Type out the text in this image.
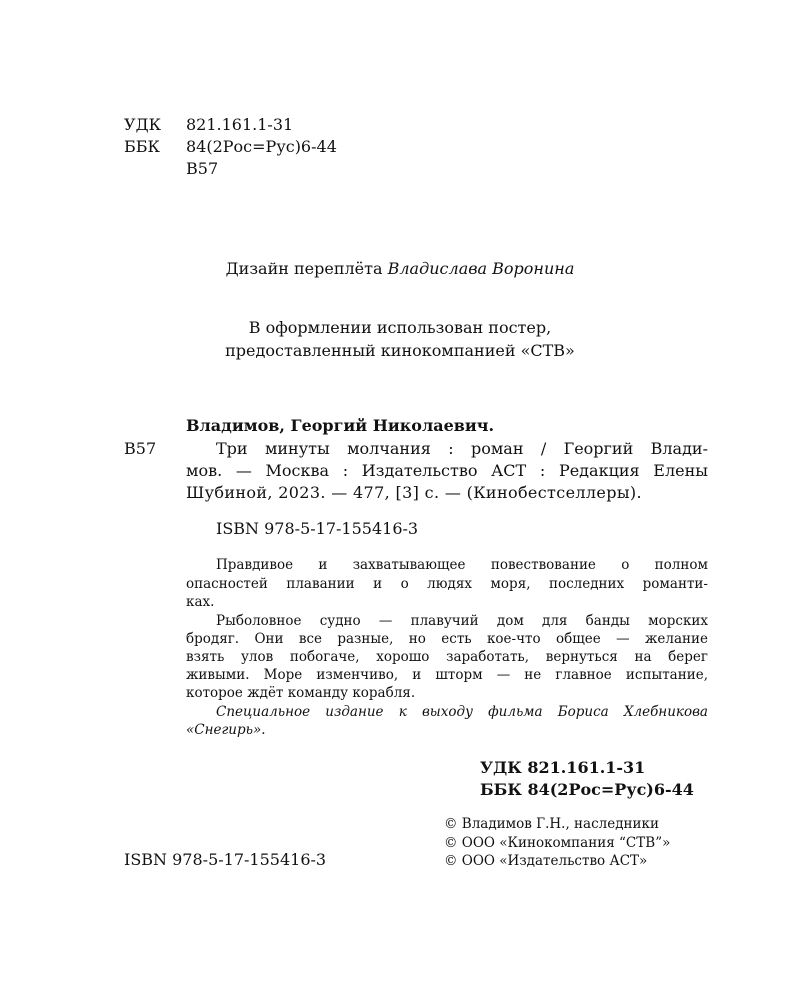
УДК 821.161.1-31
ББК 84(2Рос=Рус)6-44
В57
Дизайн переплёта Владислава Воронина
В оформлении использован постер,
предоставленный кинокомпанией «СТВ»
Владимов, Георгий Николаевич.
В57	Три минуты молчания : роман / Георгий Влади-
мов. — Москва : Издательство АСТ : Редакция Елены
Шубиной, 2023. — 477, [3] с. — (Кинобестселлеры).
ISBN 978-5-17-155416-3
Правдивое и захватывающее повествование о полном
опасностей плавании и о людях моря, последних романти-
ках.
Рыболовное судно — плавучий дом для банды морских
бродяг. Они все разные, но есть кое-что общее — желание
взять улов побогаче, хорошо заработать, вернуться на берег
живыми. Море изменчиво, и шторм — не главное испытание,
которое ждёт команду корабля.
Специальное издание к выходу фильма Бориса Хлебникова
«Снегирь».
УДК 821.161.1-31
ББК 84(2Рос=Рус)6-44
© Владимов Г.Н., наследники
© ООО «Кинокомпания “СТВ”»
© ООО «Издательство АСТ»
ISBN 978-5-17-155416-3
